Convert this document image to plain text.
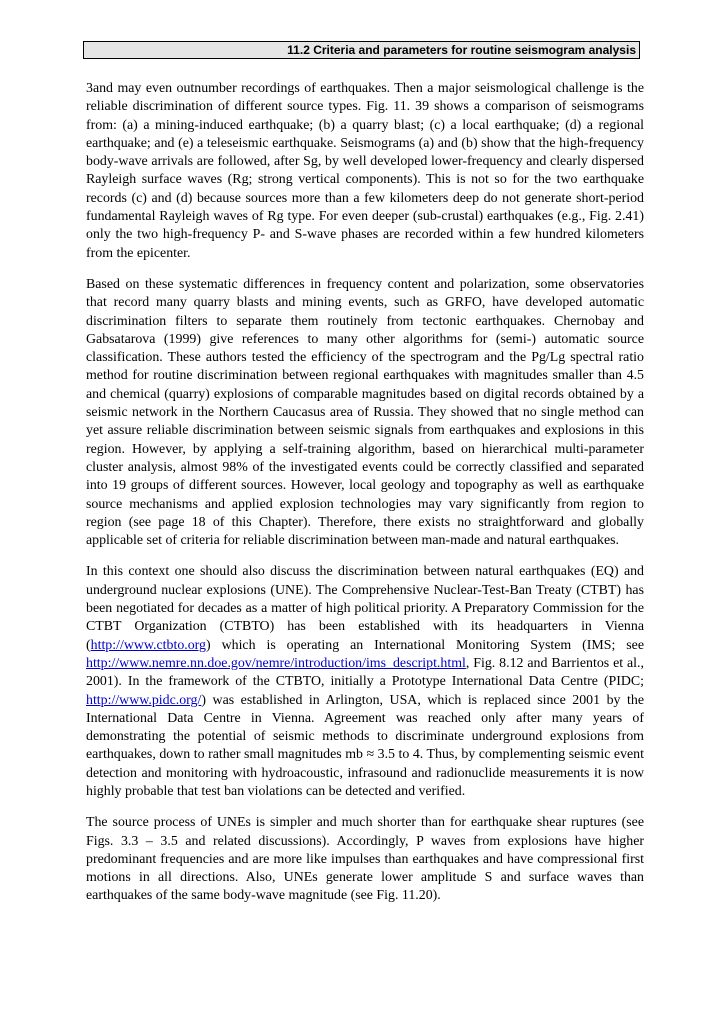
11.2 Criteria and parameters for routine seismogram analysis

3and may even outnumber recordings of earthquakes. Then a major seismological challenge is the reliable discrimination of different source types. Fig. 11. 39 shows a comparison of seismograms from: (a) a mining-induced earthquake; (b) a quarry blast; (c) a local earthquake; (d) a regional earthquake; and (e) a teleseismic earthquake. Seismograms (a) and (b) show that the high-frequency body-wave arrivals are followed, after Sg, by well developed lower-frequency and clearly dispersed Rayleigh surface waves (Rg; strong vertical components). This is not so for the two earthquake records (c) and (d) because sources more than a few kilometers deep do not generate short-period fundamental Rayleigh waves of Rg type. For even deeper (sub-crustal) earthquakes (e.g., Fig. 2.41) only the two high-frequency P- and S-wave phases are recorded within a few hundred kilometers from the epicenter.

Based on these systematic differences in frequency content and polarization, some observatories that record many quarry blasts and mining events, such as GRFO, have developed automatic discrimination filters to separate them routinely from tectonic earthquakes. Chernobay and Gabsatarova (1999) give references to many other algorithms for (semi-) automatic source classification. These authors tested the efficiency of the spectrogram and the Pg/Lg spectral ratio method for routine discrimination between regional earthquakes with magnitudes smaller than 4.5 and chemical (quarry) explosions of comparable magnitudes based on digital records obtained by a seismic network in the Northern Caucasus area of Russia. They showed that no single method can yet assure reliable discrimination between seismic signals from earthquakes and explosions in this region. However, by applying a self-training algorithm, based on hierarchical multi-parameter cluster analysis, almost 98% of the investigated events could be correctly classified and separated into 19 groups of different sources. However, local geology and topography as well as earthquake source mechanisms and applied explosion technologies may vary significantly from region to region (see page 18 of this Chapter). Therefore, there exists no straightforward and globally applicable set of criteria for reliable discrimination between man-made and natural earthquakes.

In this context one should also discuss the discrimination between natural earthquakes (EQ) and underground nuclear explosions (UNE). The Comprehensive Nuclear-Test-Ban Treaty (CTBT) has been negotiated for decades as a matter of high political priority. A Preparatory Commission for the CTBT Organization (CTBTO) has been established with its headquarters in Vienna (http://www.ctbto.org) which is operating an International Monitoring System (IMS; see http://www.nemre.nn.doe.gov/nemre/introduction/ims_descript.html, Fig. 8.12 and Barrientos et al., 2001). In the framework of the CTBTO, initially a Prototype International Data Centre (PIDC; http://www.pidc.org/) was established in Arlington, USA, which is replaced since 2001 by the International Data Centre in Vienna. Agreement was reached only after many years of demonstrating the potential of seismic methods to discriminate underground explosions from earthquakes, down to rather small magnitudes mb ≈ 3.5 to 4. Thus, by complementing seismic event detection and monitoring with hydroacoustic, infrasound and radionuclide measurements it is now highly probable that test ban violations can be detected and verified.

The source process of UNEs is simpler and much shorter than for earthquake shear ruptures (see Figs. 3.3 – 3.5 and related discussions). Accordingly, P waves from explosions have higher predominant frequencies and are more like impulses than earthquakes and have compressional first motions in all directions. Also, UNEs generate lower amplitude S and surface waves than earthquakes of the same body-wave magnitude (see Fig. 11.20).
